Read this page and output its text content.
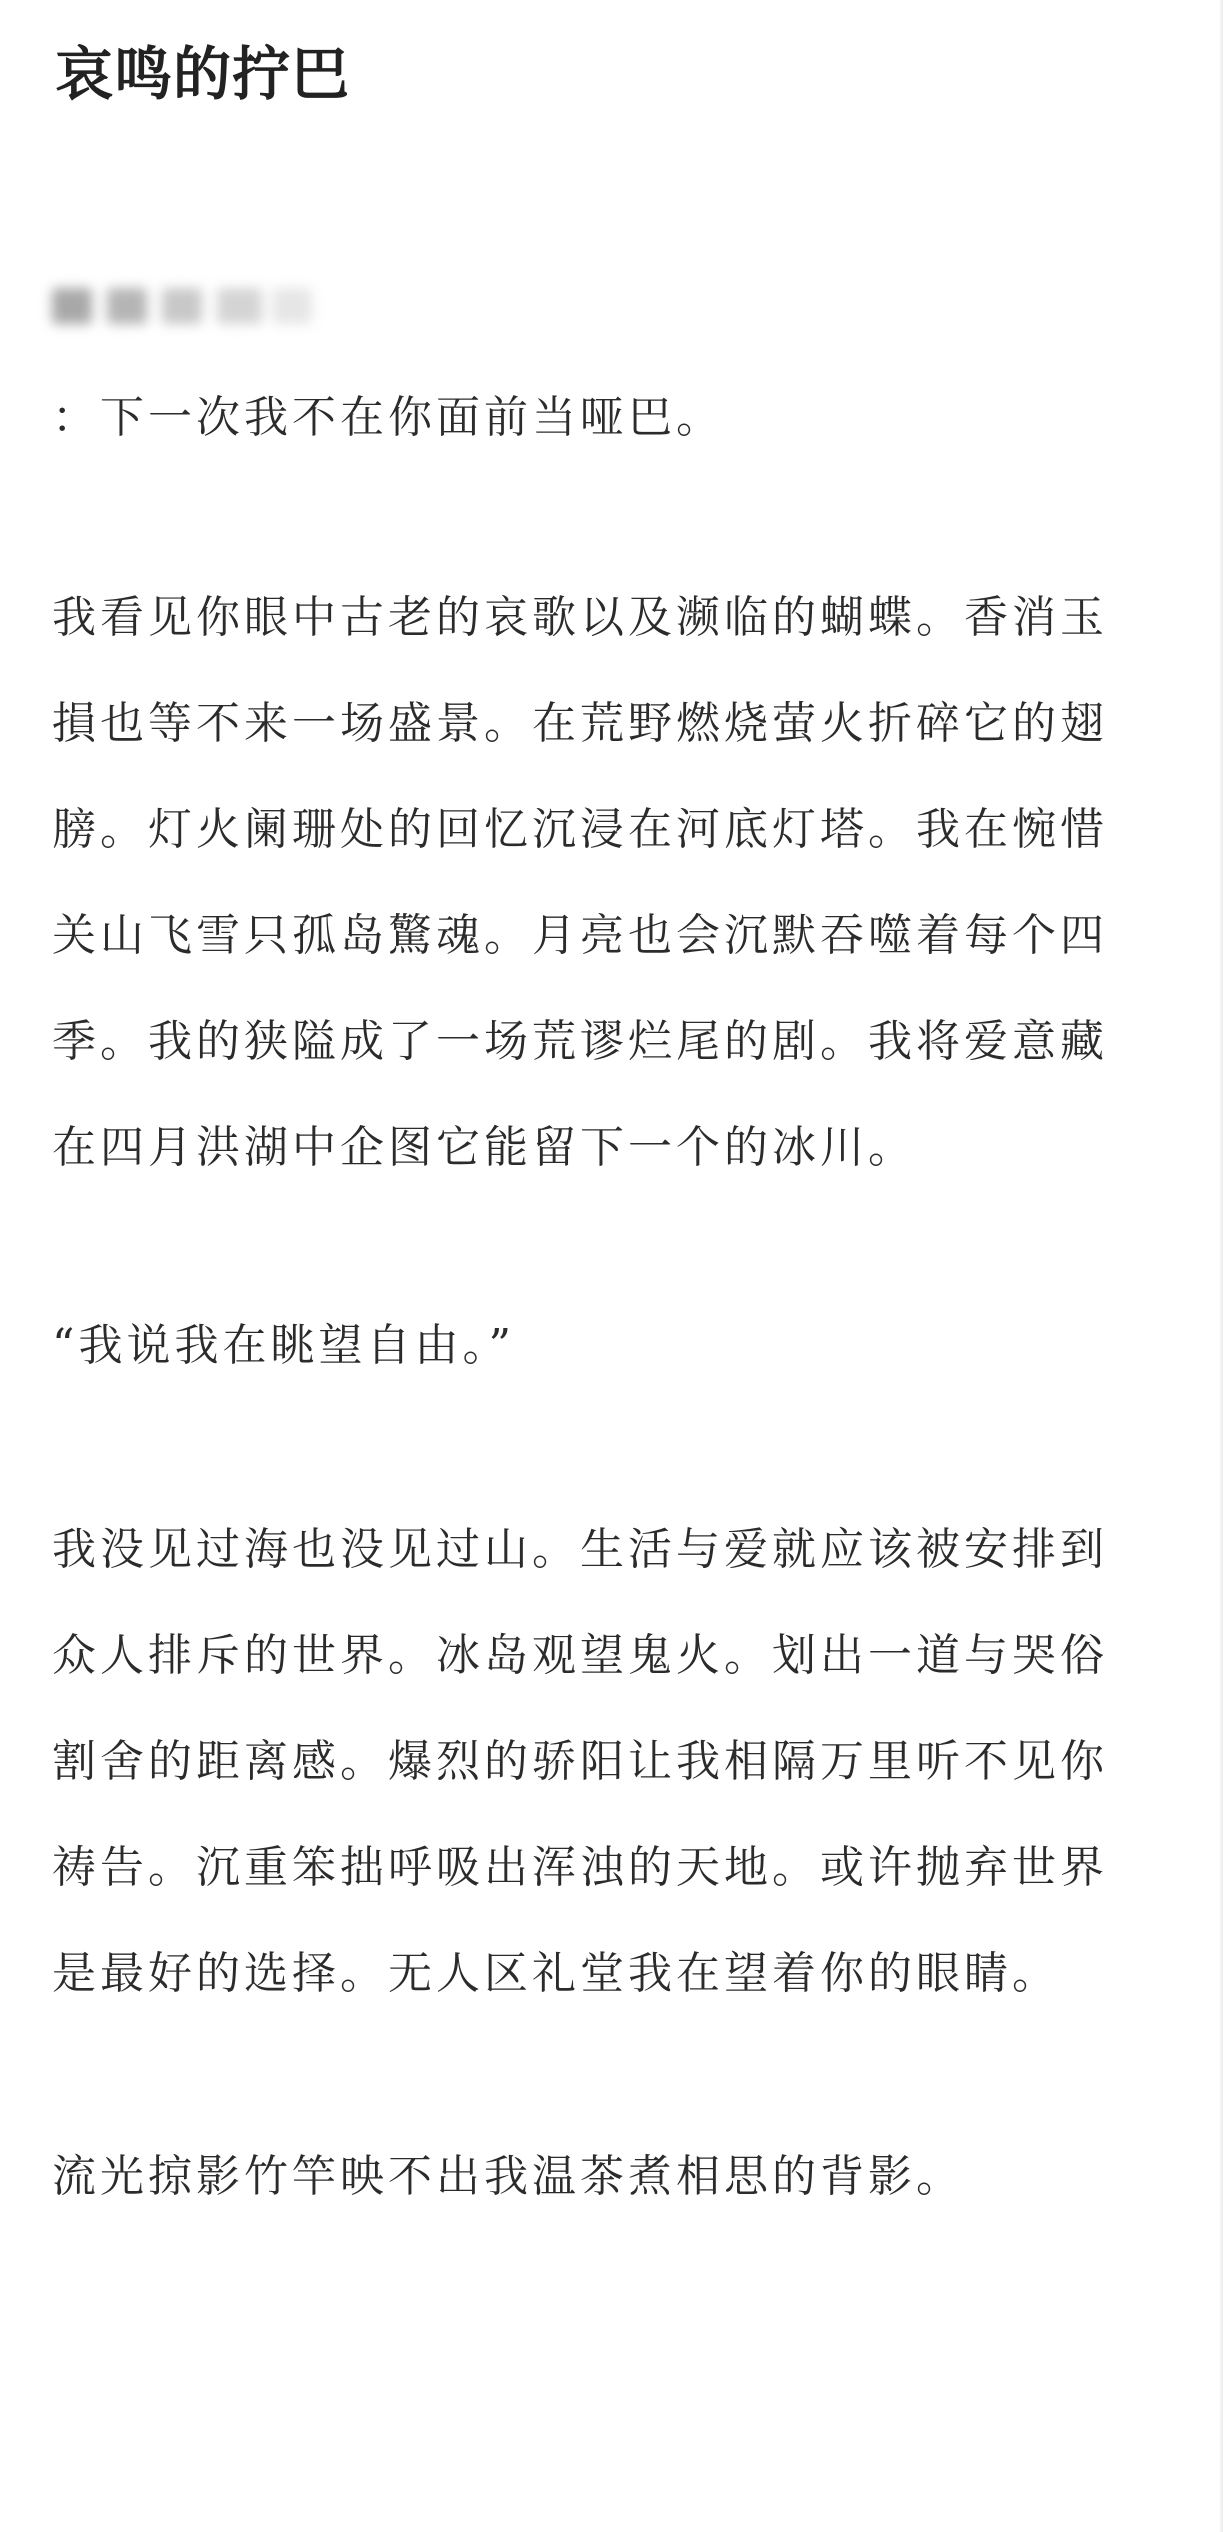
哀鸣的拧巴

：下一次我不在你面前当哑巴。

我看见你眼中古老的哀歌以及濒临的蝴蝶。香消玉
損也等不来一场盛景。在荒野燃烧萤火折碎它的翅
膀。灯火阑珊处的回忆沉浸在河底灯塔。我在惋惜
关山飞雪只孤岛驚魂。月亮也会沉默吞噬着每个四
季。我的狭隘成了一场荒谬烂尾的剧。我将爱意藏
在四月洪湖中企图它能留下一个的冰川。

“我说我在眺望自由。”

我没见过海也没见过山。生活与爱就应该被安排到
众人排斥的世界。冰岛观望鬼火。划出一道与哭俗
割舍的距离感。爆烈的骄阳让我相隔万里听不见你
祷告。沉重笨拙呼吸出浑浊的天地。或许抛弃世界
是最好的选择。无人区礼堂我在望着你的眼睛。

流光掠影竹竿映不出我温茶煮相思的背影。
